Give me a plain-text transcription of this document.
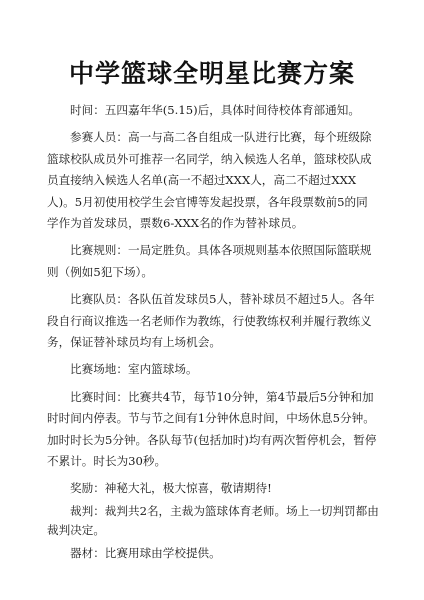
中学篮球全明星比赛方案

时间：五四嘉年华(5.15)后，具体时间待校体育部通知。

参赛人员：高一与高二各自组成一队进行比赛，每个班级除篮球校队成员外可推荐一名同学，纳入候选人名单，篮球校队成员直接纳入候选人名单(高一不超过XXX人，高二不超过XXX人)。5月初使用校学生会官博等发起投票，各年段票数前5的同学作为首发球员，票数6-XXX名的作为替补球员。

比赛规则：一局定胜负。具体各项规则基本依照国际篮联规则（例如5犯下场）。

比赛队员：各队伍首发球员5人，替补球员不超过5人。各年段自行商议推选一名老师作为教练，行使教练权利并履行教练义务，保证替补球员均有上场机会。

比赛场地：室内篮球场。

比赛时间：比赛共4节，每节10分钟，第4节最后5分钟和加时时间内停表。节与节之间有1分钟休息时间，中场休息5分钟。加时时长为5分钟。各队每节(包括加时)均有两次暂停机会，暂停不累计。时长为30秒。

奖励：神秘大礼，极大惊喜，敬请期待!

裁判：裁判共2名，主裁为篮球体育老师。场上一切判罚都由裁判决定。

器材：比赛用球由学校提供。
